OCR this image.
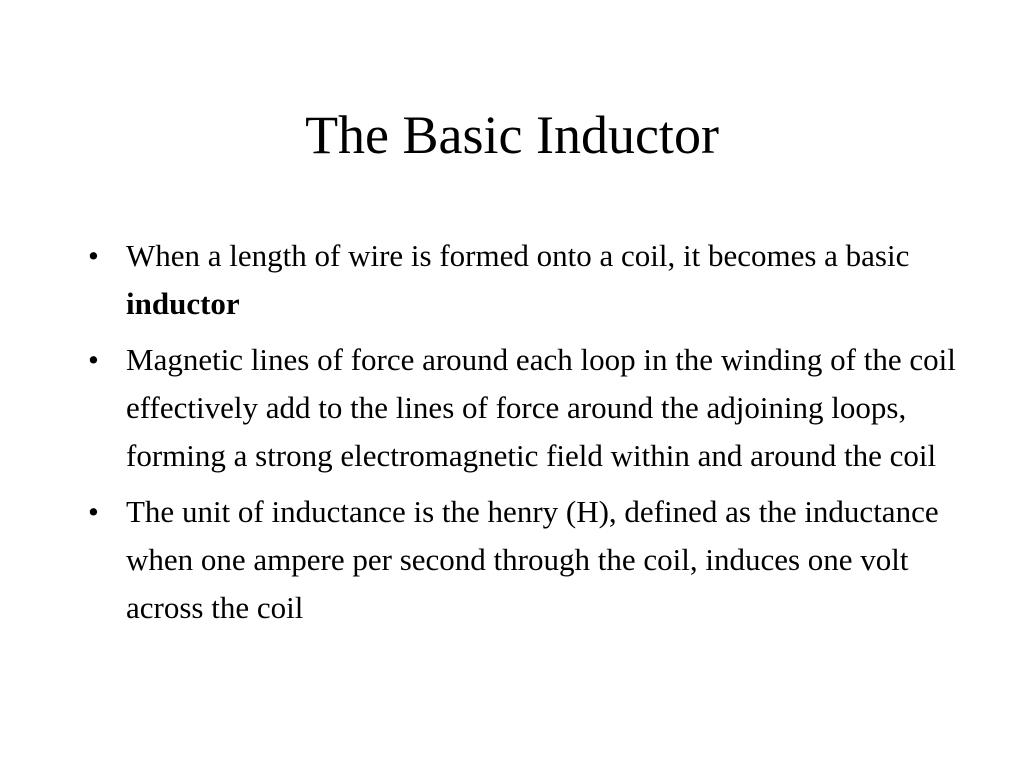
The Basic Inductor
• When a length of wire is formed onto a coil, it becomes a basic inductor
• Magnetic lines of force around each loop in the winding of the coil effectively add to the lines of force around the adjoining loops, forming a strong electromagnetic field within and around the coil
• The unit of inductance is the henry (H), defined as the inductance when one ampere per second through the coil, induces one volt across the coil
